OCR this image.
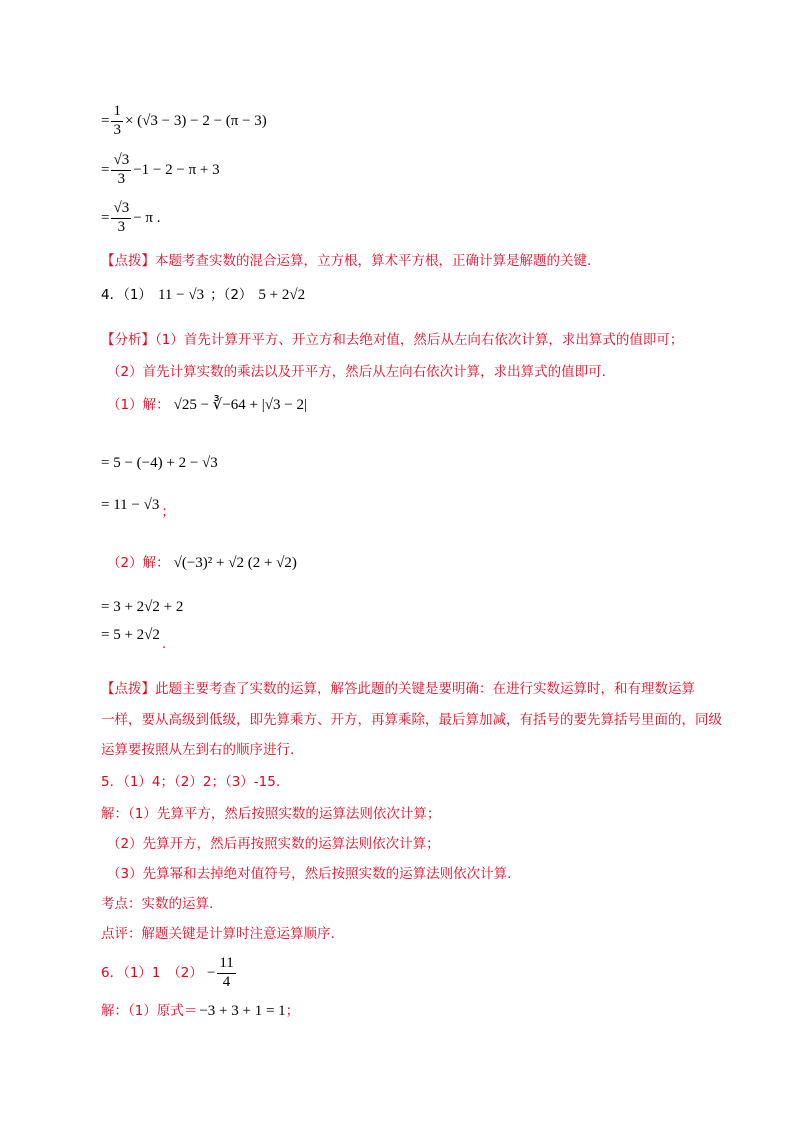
= $\frac{1}{3} \times (√3 - 3) - 2 - (\pi - 3)$
= $\frac{√3}{3} -1 - 2 - \pi + 3$
= $\frac{√3}{3} - \pi$ .
【点拨】本题考查实数的混合运算，立方根，算术平方根，正确计算是解题的关键.
4．（1） 11 − √3 ；（2） 5 + 2√2
【分析】（1）首先计算开平方、开立方和去绝对值，然后从左向右依次计算，求出算式的值即可；
（2）首先计算实数的乘法以及开平方，然后从左向右依次计算，求出算式的值即可.
（1）解： √25 − ∛−64 + |√3 − 2|
= 5 − (−4) + 2 − √3
= 11 − √3 ；
（2）解： √(−3)² + √2 (2 + √2)
= 3 + 2√2 + 2
= 5 + 2√2
.
【点拨】此题主要考查了实数的运算，解答此题的关键是要明确：在进行实数运算时，和有理数运算
一样，要从高级到低级，即先算乘方、开方，再算乘除，最后算加减，有括号的要先算括号里面的，同级
运算要按照从左到右的顺序进行.
5．（1）4；（2）2；（3）-15.
解：（1）先算平方，然后按照实数的运算法则依次计算；
（2）先算开方，然后再按照实数的运算法则依次计算；
（3）先算幂和去掉绝对值符号，然后按照实数的运算法则依次计算.
考点：实数的运算.
点评：解题关键是计算时注意运算顺序.
6．（1）1　$(2) - \frac{11}{4}$
解：（1）原式＝ −3 + 3 + 1 = 1 ；
